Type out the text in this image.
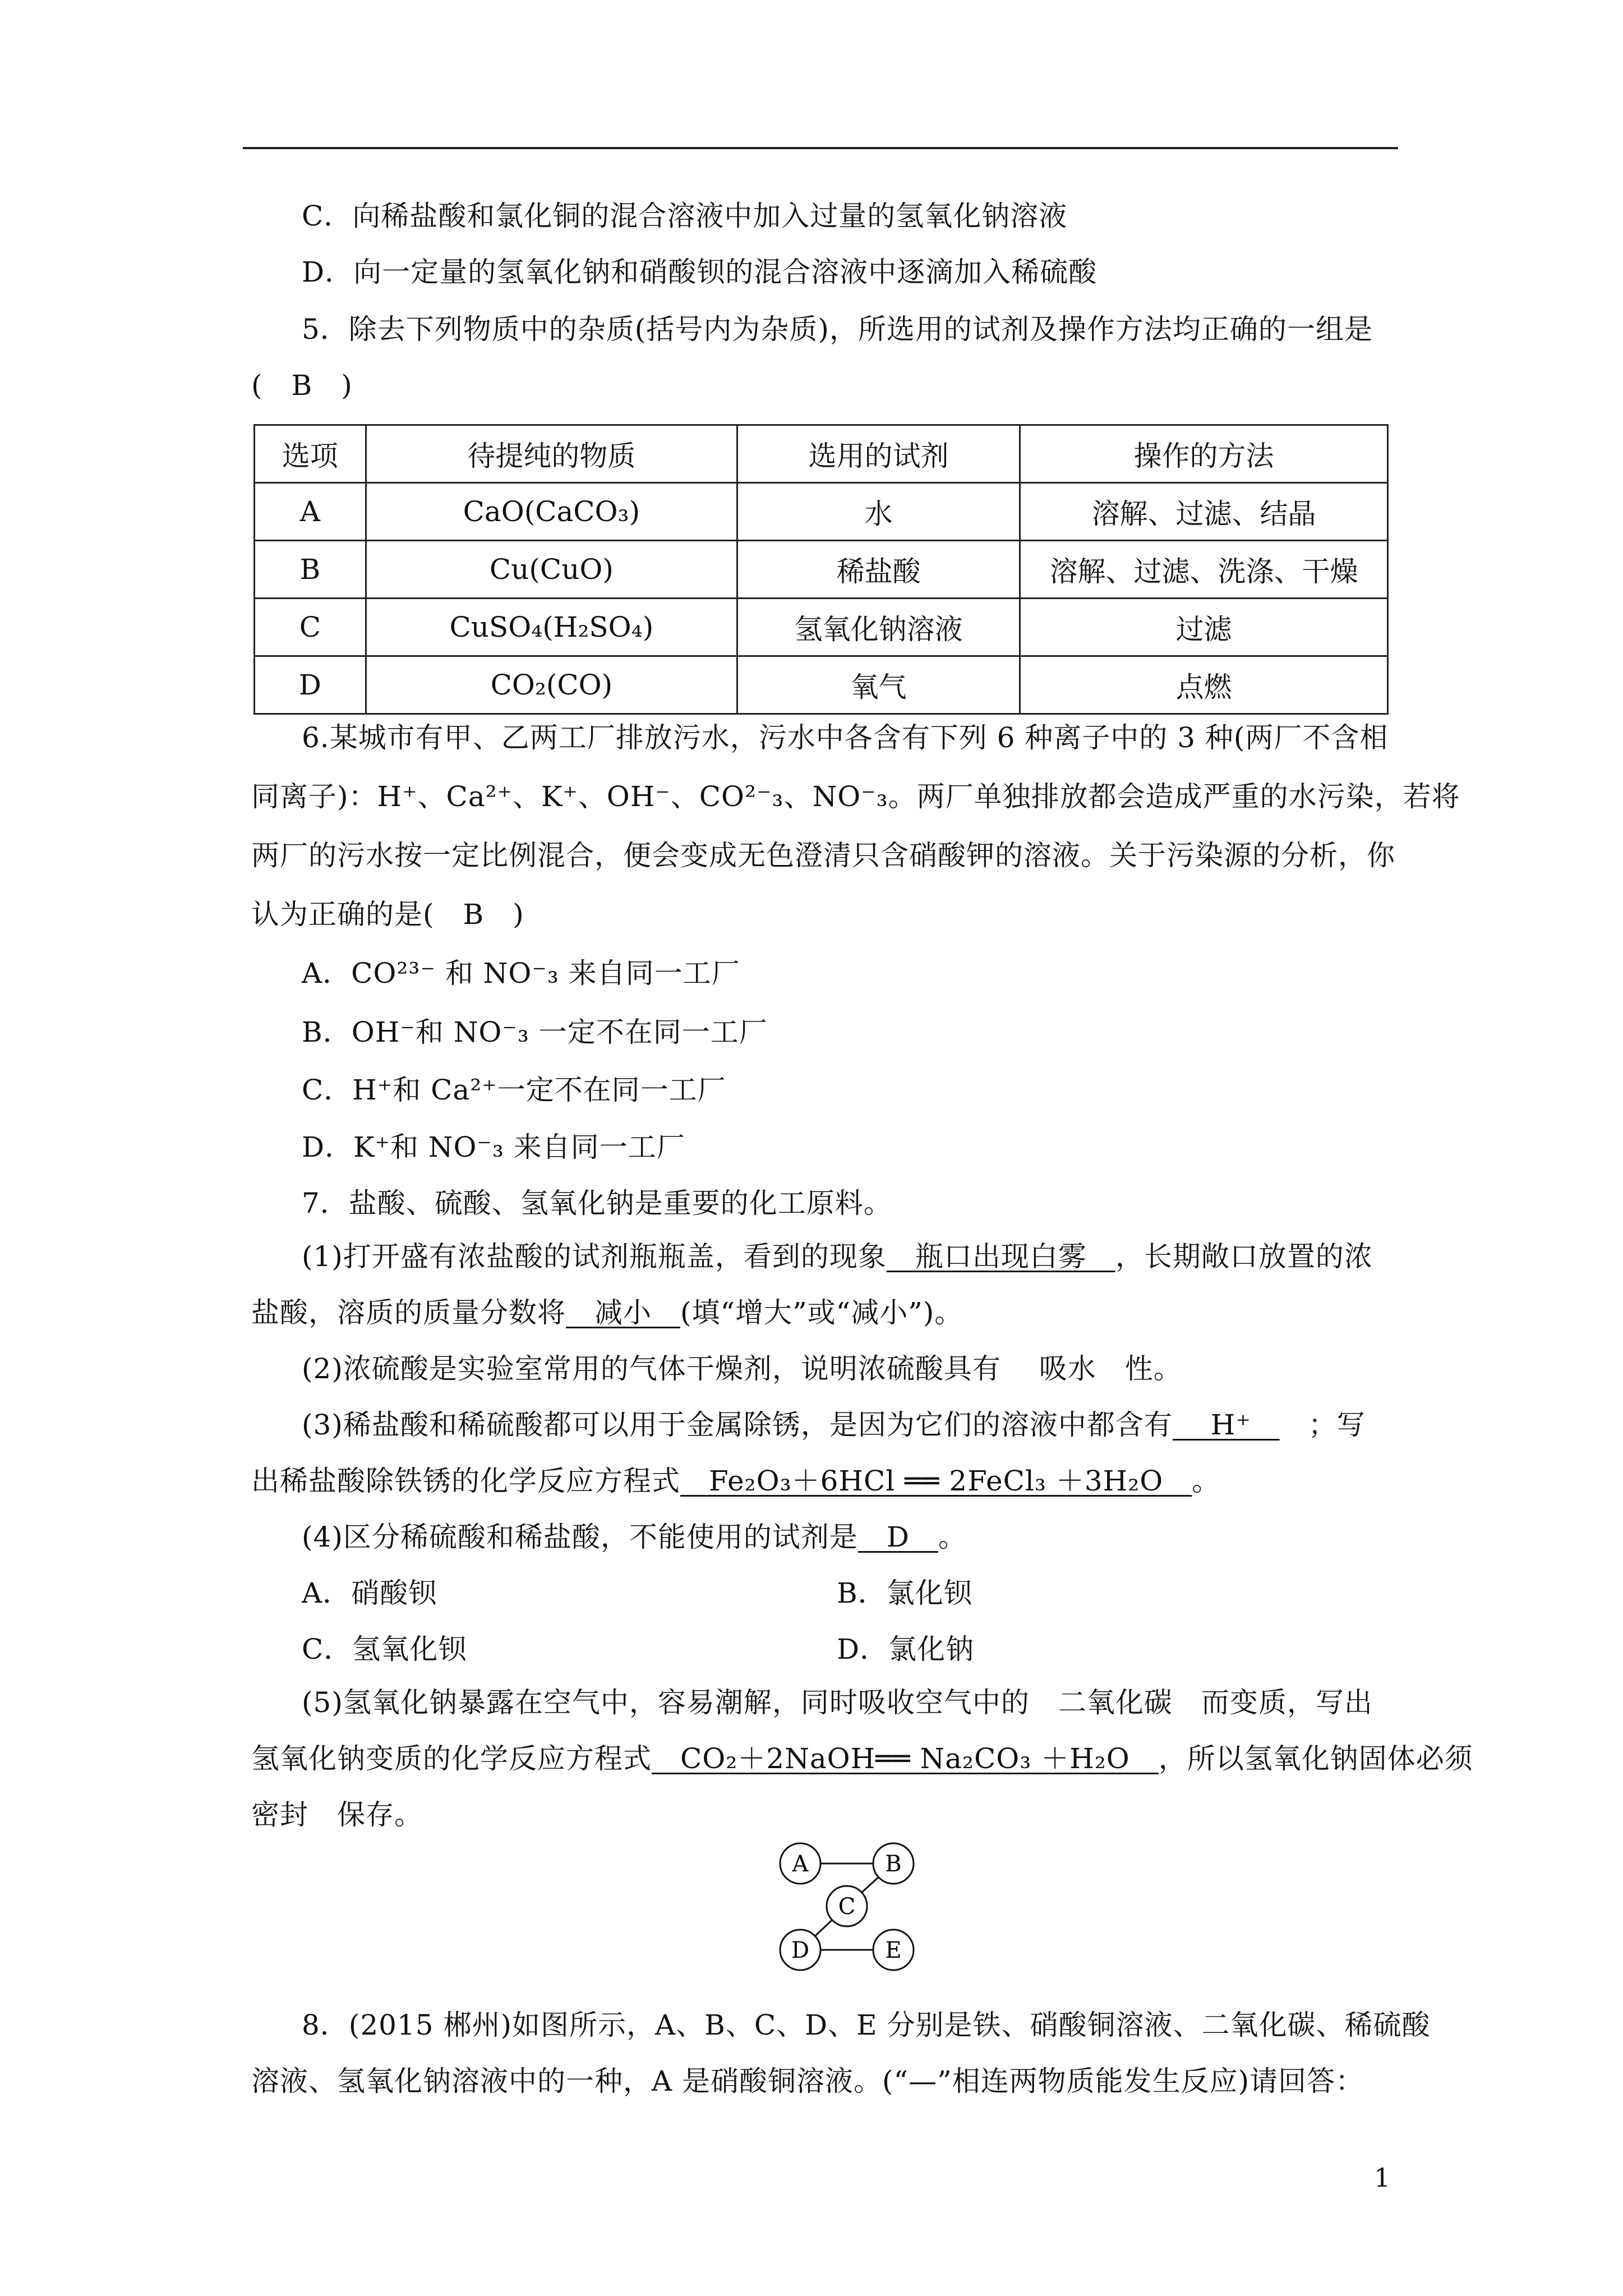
C．向稀盐酸和氯化铜的混合溶液中加入过量的氢氧化钠溶液
D．向一定量的氢氧化钠和硝酸钡的混合溶液中逐滴加入稀硫酸
5．除去下列物质中的杂质(括号内为杂质)，所选用的试剂及操作方法均正确的一组是
(　B　)
选项	待提纯的物质	选用的试剂	操作的方法
A	CaO(CaCO₃)	水	溶解、过滤、结晶
B	Cu(CuO)	稀盐酸	溶解、过滤、洗涤、干燥
C	CuSO₄(H₂SO₄)	氢氧化钠溶液	过滤
D	CO₂(CO)	氧气	点燃
6.某城市有甲、乙两工厂排放污水，污水中各含有下列 6 种离子中的 3 种(两厂不含相
同离子)：H⁺、Ca²⁺、K⁺、OH⁻、CO²⁻₃、NO⁻₃。两厂单独排放都会造成严重的水污染，若将
两厂的污水按一定比例混合，便会变成无色澄清只含硝酸钾的溶液。关于污染源的分析，你
认为正确的是(　B　)
A．CO²³⁻ 和 NO⁻₃ 来自同一工厂
B．OH⁻和 NO⁻₃ 一定不在同一工厂
C．H⁺和 Ca²⁺一定不在同一工厂
D．K⁺和 NO⁻₃ 来自同一工厂
7．盐酸、硫酸、氢氧化钠是重要的化工原料。
(1)打开盛有浓盐酸的试剂瓶瓶盖，看到的现象　瓶口出现白雾　，长期敞口放置的浓
盐酸，溶质的质量分数将　减小　(填“增大”或“减小”)。
(2)浓硫酸是实验室常用的气体干燥剂，说明浓硫酸具有　 吸水　性。
(3)稀盐酸和稀硫酸都可以用于金属除锈，是因为它们的溶液中都含有　 H⁺　　；写
出稀盐酸除铁锈的化学反应方程式　Fe₂O₃＋6HCl ══ 2FeCl₃ ＋3H₂O　。
(4)区分稀硫酸和稀盐酸，不能使用的试剂是　D　。
A．硝酸钡	B．氯化钡
C．氢氧化钡	D．氯化钠
(5)氢氧化钠暴露在空气中，容易潮解，同时吸收空气中的　二氧化碳　而变质，写出
氢氧化钠变质的化学反应方程式　CO₂＋2NaOH══ Na₂CO₃ ＋H₂O　，所以氢氧化钠固体必须
密封　保存。
A	B
C
D	E
8．(2015 郴州)如图所示，A、B、C、D、E 分别是铁、硝酸铜溶液、二氧化碳、稀硫酸
溶液、氢氧化钠溶液中的一种，A 是硝酸铜溶液。(“—”相连两物质能发生反应)请回答：
1
